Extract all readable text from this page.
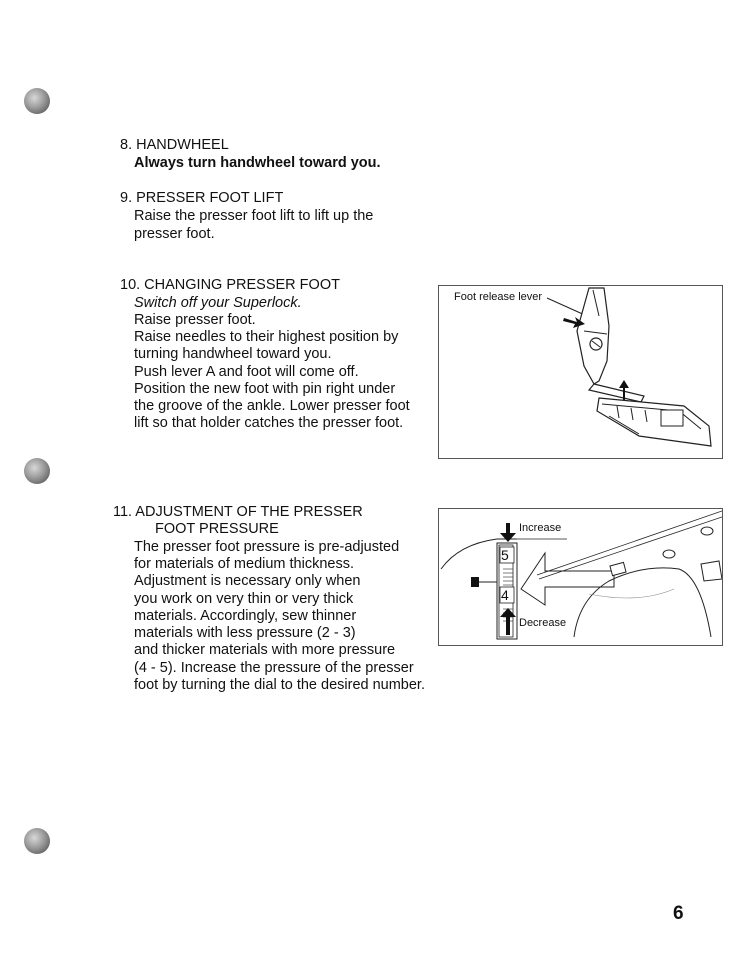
8. HANDWHEEL
Always turn handwheel toward you.
9. PRESSER FOOT LIFT
Raise the presser foot lift to lift up the
presser foot.
10. CHANGING PRESSER FOOT
Switch off your Superlock.
Raise presser foot.
Raise needles to their highest position by
turning handwheel toward you.
Push lever A and foot will come off.
Position the new foot with pin right under
the groove of the ankle. Lower presser foot
lift so that holder catches the presser foot.
Foot release lever
11. ADJUSTMENT OF THE PRESSER
FOOT PRESSURE
The presser foot pressure is pre-adjusted
for materials of medium thickness.
Adjustment is necessary only when
you work on very thin or very thick
materials. Accordingly, sew thinner
materials with less pressure (2 - 3)
and thicker materials with more pressure
(4 - 5). Increase the pressure of the presser
foot by turning the dial to the desired number.
5
4
Increase
Decrease
6
